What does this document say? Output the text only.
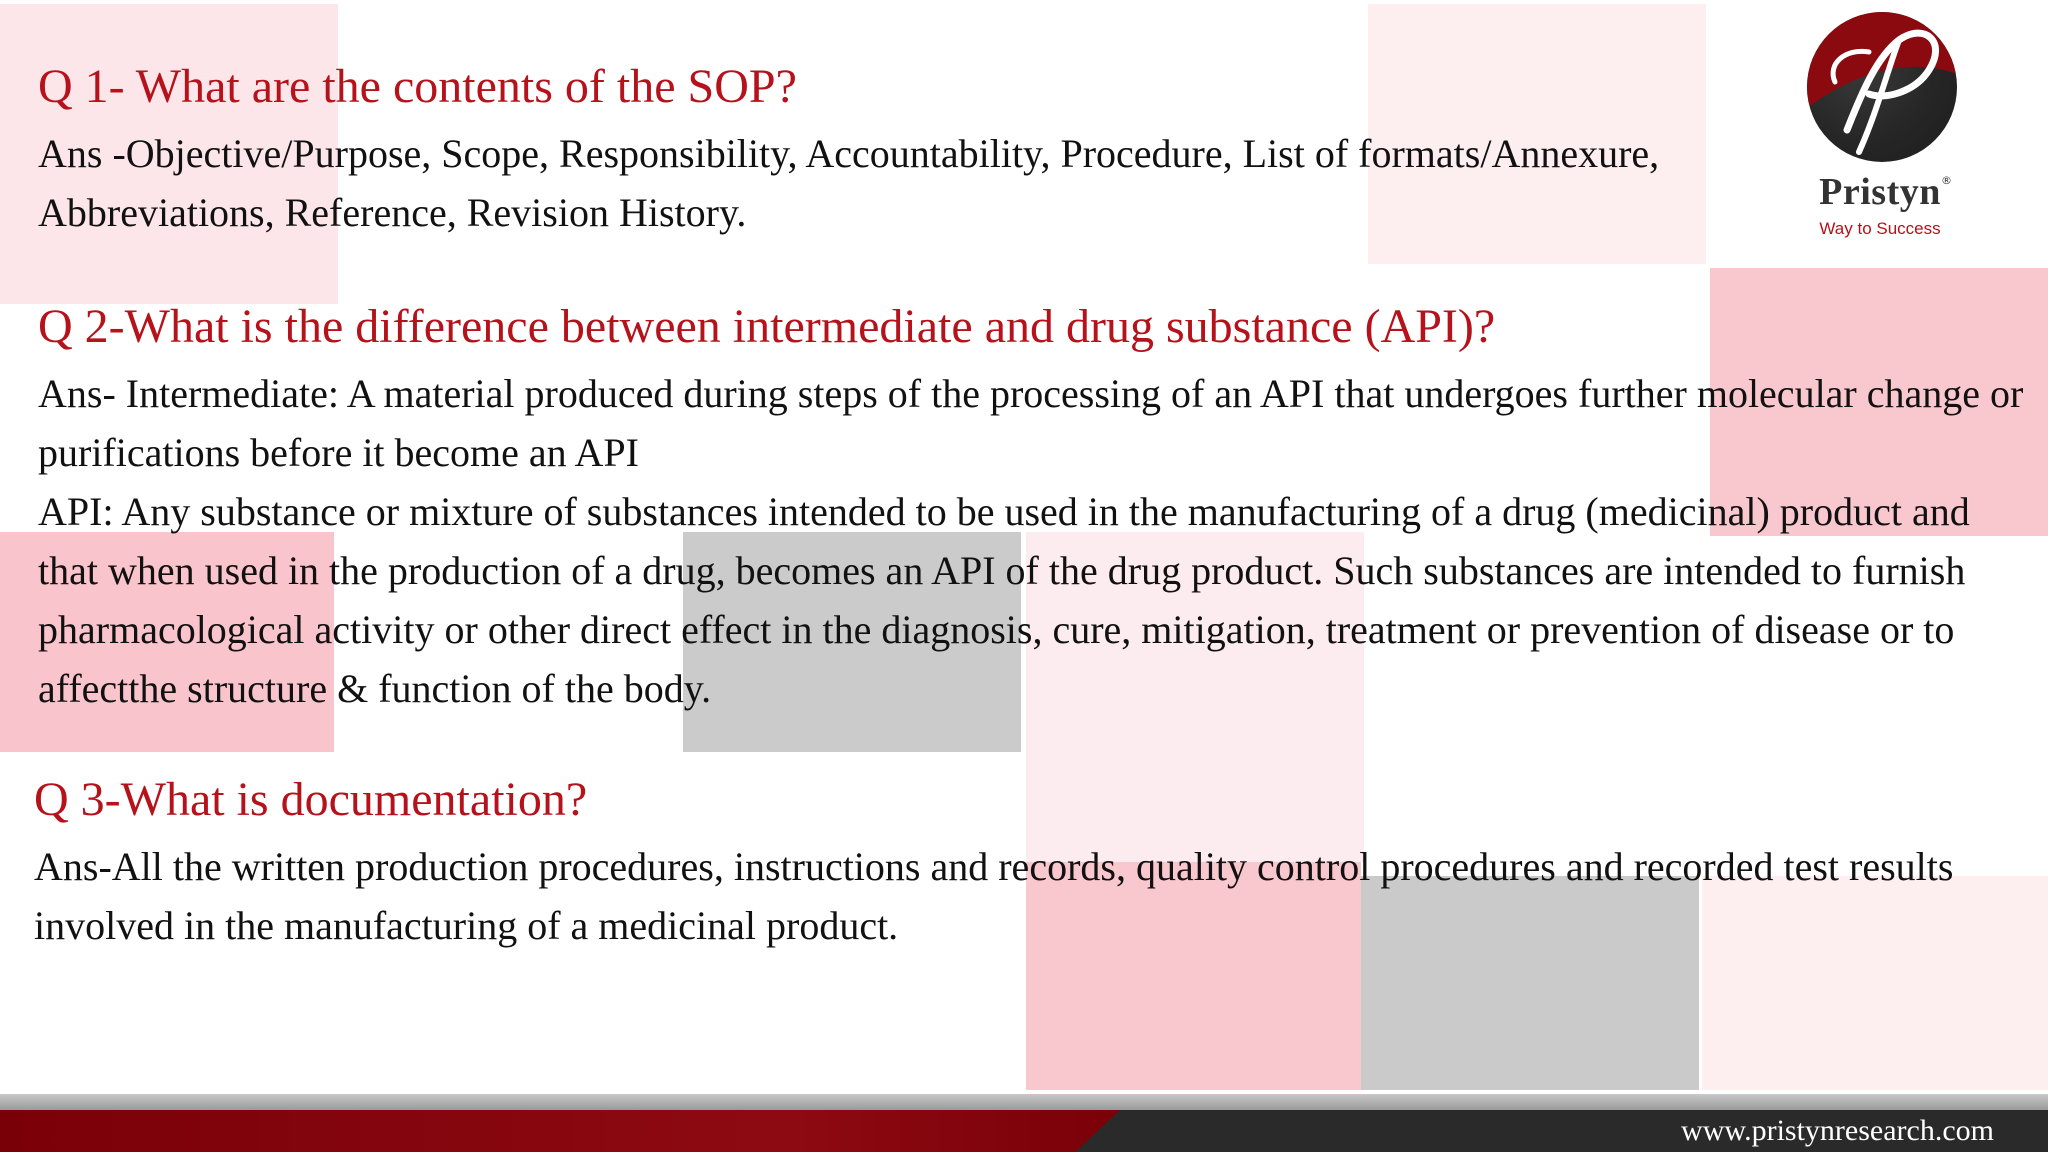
Q 1- What are the contents of the SOP?

Ans -Objective/Purpose, Scope, Responsibility, Accountability, Procedure, List of formats/Annexure, Abbreviations, Reference, Revision History.

Q 2-What is the difference between intermediate and drug substance (API)?

Ans- Intermediate: A material produced during steps of the processing of an API that undergoes further molecular change or purifications before it become an API

API: Any substance or mixture of substances intended to be used in the manufacturing of a drug (medicinal) product and that when used in the production of a drug, becomes an API of the drug product. Such substances are intended to furnish pharmacological activity or other direct effect in the diagnosis, cure, mitigation, treatment or prevention of disease or to affectthe structure & function of the body.

Q 3-What is documentation?

Ans-All the written production procedures, instructions and records, quality control procedures and recorded test results involved in the manufacturing of a medicinal product.

Pristyn ®
Way to Success
www.pristynresearch.com
